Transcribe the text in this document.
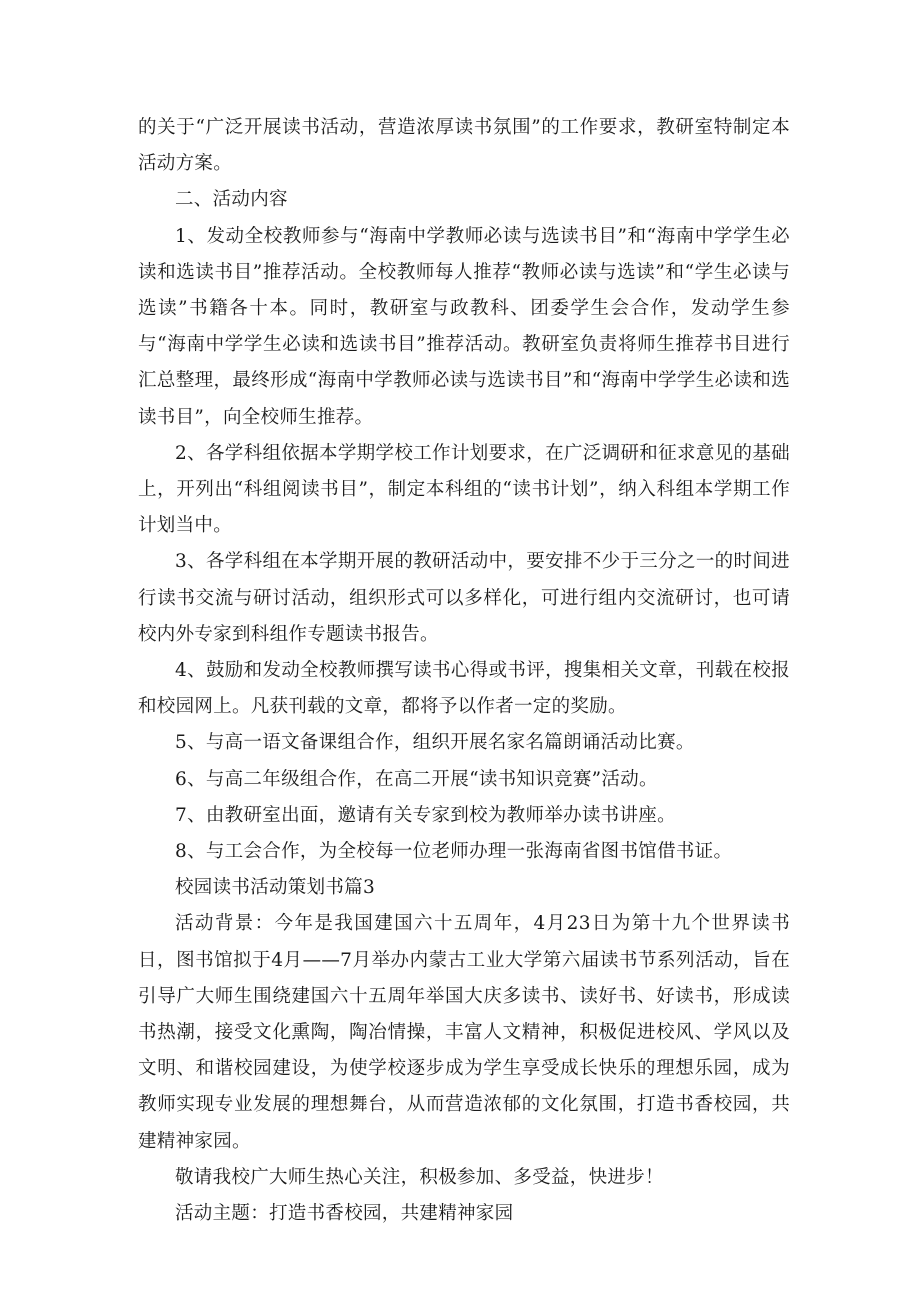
的关于“广泛开展读书活动，营造浓厚读书氛围”的工作要求，教研室特制定本活动方案。

二、活动内容

1、发动全校教师参与“海南中学教师必读与选读书目”和“海南中学学生必读和选读书目”推荐活动。全校教师每人推荐“教师必读与选读”和“学生必读与选读”书籍各十本。同时，教研室与政教科、团委学生会合作，发动学生参与“海南中学学生必读和选读书目”推荐活动。教研室负责将师生推荐书目进行汇总整理，最终形成“海南中学教师必读与选读书目”和“海南中学学生必读和选读书目”，向全校师生推荐。

2、各学科组依据本学期学校工作计划要求，在广泛调研和征求意见的基础上，开列出“科组阅读书目”，制定本科组的“读书计划”，纳入科组本学期工作计划当中。

3、各学科组在本学期开展的教研活动中，要安排不少于三分之一的时间进行读书交流与研讨活动，组织形式可以多样化，可进行组内交流研讨，也可请校内外专家到科组作专题读书报告。

4、鼓励和发动全校教师撰写读书心得或书评，搜集相关文章，刊载在校报和校园网上。凡获刊载的文章，都将予以作者一定的奖励。

5、与高一语文备课组合作，组织开展名家名篇朗诵活动比赛。

6、与高二年级组合作，在高二开展“读书知识竞赛”活动。

7、由教研室出面，邀请有关专家到校为教师举办读书讲座。

8、与工会合作，为全校每一位老师办理一张海南省图书馆借书证。

校园读书活动策划书篇3

活动背景：今年是我国建国六十五周年，4月23日为第十九个世界读书日，图书馆拟于4月——7月举办内蒙古工业大学第六届读书节系列活动，旨在引导广大师生围绕建国六十五周年举国大庆多读书、读好书、好读书，形成读书热潮，接受文化熏陶，陶冶情操，丰富人文精神，积极促进校风、学风以及文明、和谐校园建设，为使学校逐步成为学生享受成长快乐的理想乐园，成为教师实现专业发展的理想舞台，从而营造浓郁的文化氛围，打造书香校园，共建精神家园。

敬请我校广大师生热心关注，积极参加、多受益，快进步！

活动主题：打造书香校园，共建精神家园
